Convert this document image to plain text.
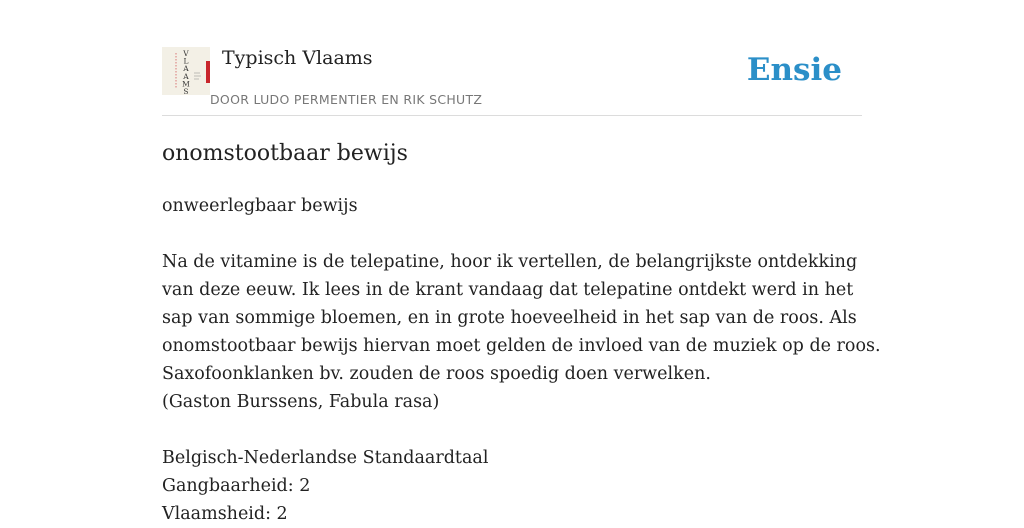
V
L
A
A
M
S
Typisch Vlaams
DOOR LUDO PERMENTIER EN RIK SCHUTZ
Ensie
onomstootbaar bewijs
onweerlegbaar bewijs
Na de vitamine is de telepatine, hoor ik vertellen, de belangrijkste ontdekking
van deze eeuw. Ik lees in de krant vandaag dat telepatine ontdekt werd in het
sap van sommige bloemen, en in grote hoeveelheid in het sap van de roos. Als
onomstootbaar bewijs hiervan moet gelden de invloed van de muziek op de roos.
Saxofoonklanken bv. zouden de roos spoedig doen verwelken.
(Gaston Burssens, Fabula rasa)
Belgisch-Nederlandse Standaardtaal
Gangbaarheid: 2
Vlaamsheid: 2
